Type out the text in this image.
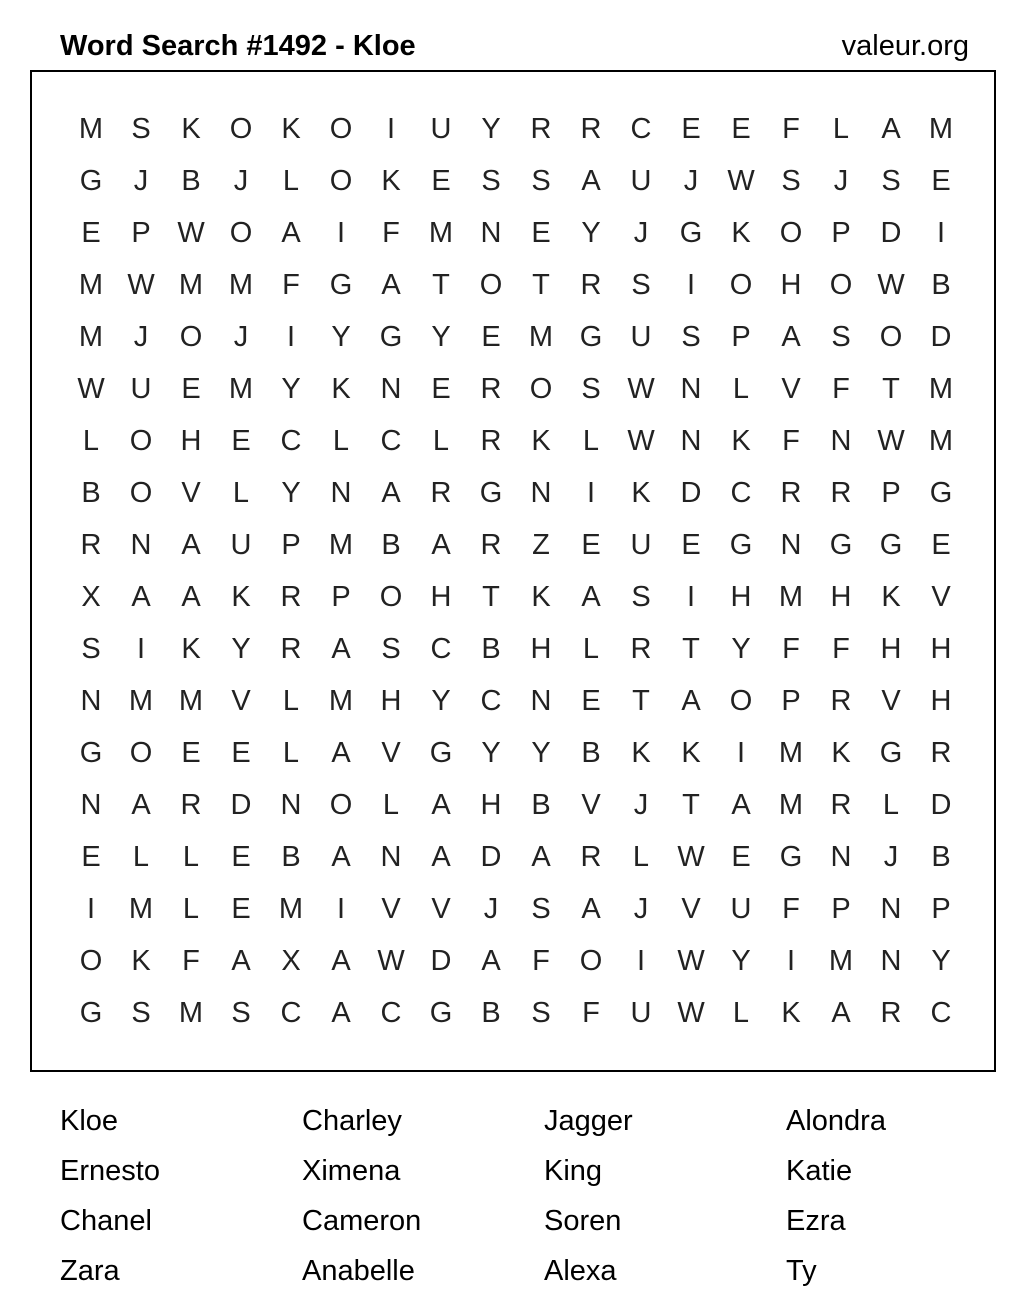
Word Search #1492 - Kloe	valeur.org
M S	K	O	K	O	I	U	Y	R	R	C	E	E	F	L	A M
G	J	B	J	L	O	K	E	S	S	A	U	J	W S	J	S	E
E	P W O	A	I	F	M N	E	Y	J	G	K	O	P	D	I
M W M M	F	G	A	T	O	T	R	S	I	O H O W B
M	J	O	J	I	Y	G	Y	E M G U	S	P	A	S	O D
W U	E M Y	K	N	E	R O	S W N	L	V	F	T	M
L	O H	E	C	L	C	L	R	K	L W N	K	F	N W M
B	O	V	L	Y	N	A	R G N	I	K	D	C	R	R	P	G
R	N	A	U	P M B	A	R	Z	E	U	E	G N G G	E
X	A	A	K	R	P	O H	T	K	A	S	I	H M H	K	V
S	I	K	Y	R	A	S	C	B	H	L	R	T	Y	F	F	H	H
N M M V	L	M H	Y	C	N	E	T	A	O	P	R	V	H
G O	E	E	L	A	V	G	Y	Y	B	K	K	I	M K	G R
N	A	R	D	N O	L	A	H	B	V	J	T	A M R	L	D
E	L	L	E	B	A	N	A	D	A	R	L W E	G N	J	B
I	M	L	E M	I	V	V	J	S	A	J	V	U	F	P	N	P
O	K	F	A	X	A W D	A	F	O	I	W Y	I	M N	Y
G	S M S	C	A	C G	B	S	F	U W L	K	A	R	C
Kloe	Charley	Jagger	Alondra
Ernesto	Ximena	King	Katie
Chanel	Cameron	Soren	Ezra
Zara	Anabelle	Alexa	Ty
